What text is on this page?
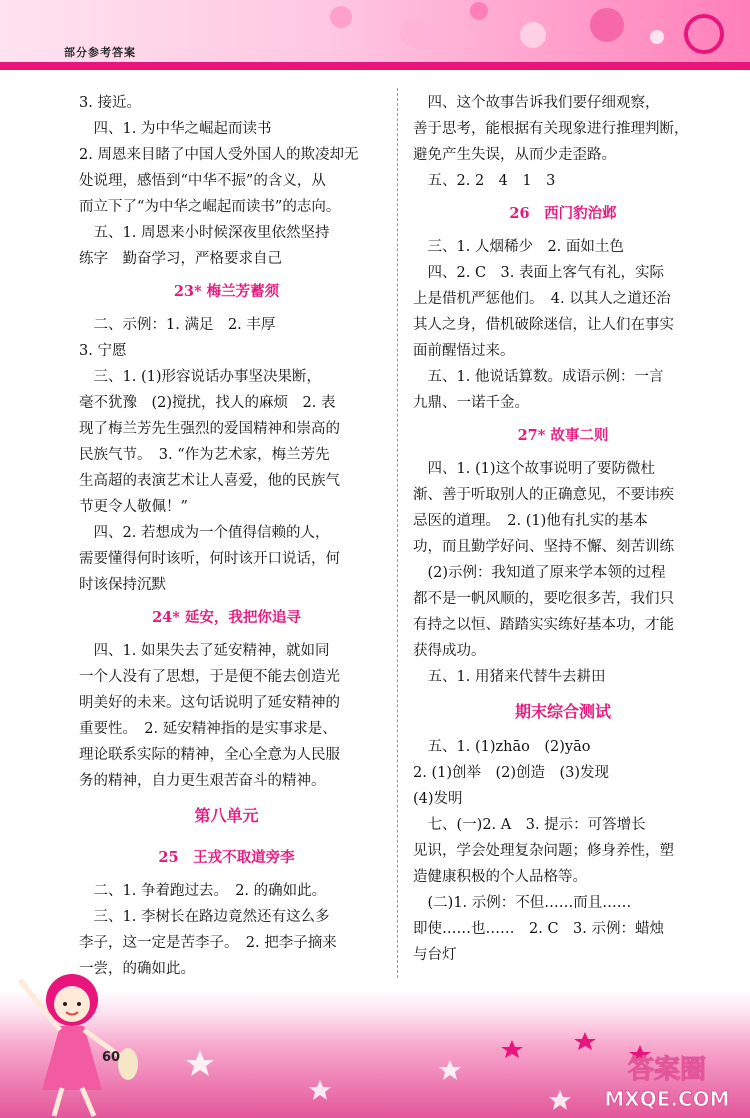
部分参考答案
3. 接近。
　四、1. 为中华之崛起而读书
2. 周恩来目睹了中国人受外国人的欺凌却无
处说理，感悟到“中华不振”的含义，从
而立下了“为中华之崛起而读书”的志向。
　五、1. 周恩来小时候深夜里依然坚持
练字　勤奋学习，严格要求自己
23* 梅兰芳蓄须
　二、示例：1. 满足　2. 丰厚
3. 宁愿
　三、1. (1)形容说话办事坚决果断，
毫不犹豫　(2)搅扰，找人的麻烦　2. 表
现了梅兰芳先生强烈的爱国精神和崇高的
民族气节。　3. “作为艺术家，梅兰芳先
生高超的表演艺术让人喜爱，他的民族气
节更令人敬佩！”
　四、2. 若想成为一个值得信赖的人，
需要懂得何时该听，何时该开口说话，何
时该保持沉默
24* 延安，我把你追寻
　四、1. 如果失去了延安精神，就如同
一个人没有了思想，于是便不能去创造光
明美好的未来。这句话说明了延安精神的
重要性。　2. 延安精神指的是实事求是、
理论联系实际的精神，全心全意为人民服
务的精神，自力更生艰苦奋斗的精神。
第八单元
25　王戎不取道旁李
　二、1. 争着跑过去。　2. 的确如此。
　三、1. 李树长在路边竟然还有这么多
李子，这一定是苦李子。　2. 把李子摘来
一尝，的确如此。
　四、这个故事告诉我们要仔细观察，
善于思考，能根据有关现象进行推理判断，
避免产生失误，从而少走歪路。
　五、2. 2　4　1　3
26　西门豹治邺
　三、1. 人烟稀少　2. 面如土色
　四、2. C　3. 表面上客气有礼，实际
上是借机严惩他们。　4. 以其人之道还治
其人之身，借机破除迷信，让人们在事实
面前醒悟过来。
　五、1. 他说话算数。成语示例：一言
九鼎、一诺千金。
27* 故事二则
　四、1. (1)这个故事说明了要防微杜
渐、善于听取别人的正确意见，不要讳疾
忌医的道理。　2. (1)他有扎实的基本
功，而且勤学好问、坚持不懈、刻苦训练
　(2)示例：我知道了原来学本领的过程
都不是一帆风顺的，要吃很多苦，我们只
有持之以恒、踏踏实实练好基本功，才能
获得成功。
　五、1. 用猪来代替牛去耕田
期末综合测试
　五、1. (1)zhāo　(2)yāo
2. (1)创举　(2)创造　(3)发现
(4)发明
　七、(一)2. A　3. 提示：可答增长
见识，学会处理复杂问题；修身养性，塑
造健康积极的个人品格等。
　(二)1. 示例：不但……而且……
即使……也……　2. C　3. 示例：蜡烛
与台灯
60	答案圈
MXQE.COM
